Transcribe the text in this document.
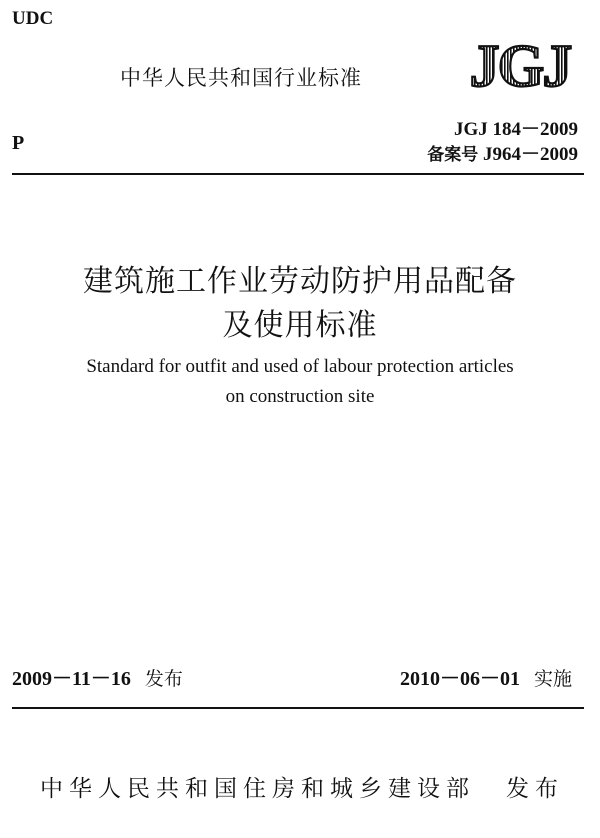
UDC
中华人民共和国行业标准 JGJ
P
JGJ 184－2009
备案号 J964－2009
建筑施工作业劳动防护用品配备
及使用标准
Standard for outfit and used of labour protection articles
on construction site
2009－11－16 发布	2010－06－01 实施
中华人民共和国住房和城乡建设部 发布
